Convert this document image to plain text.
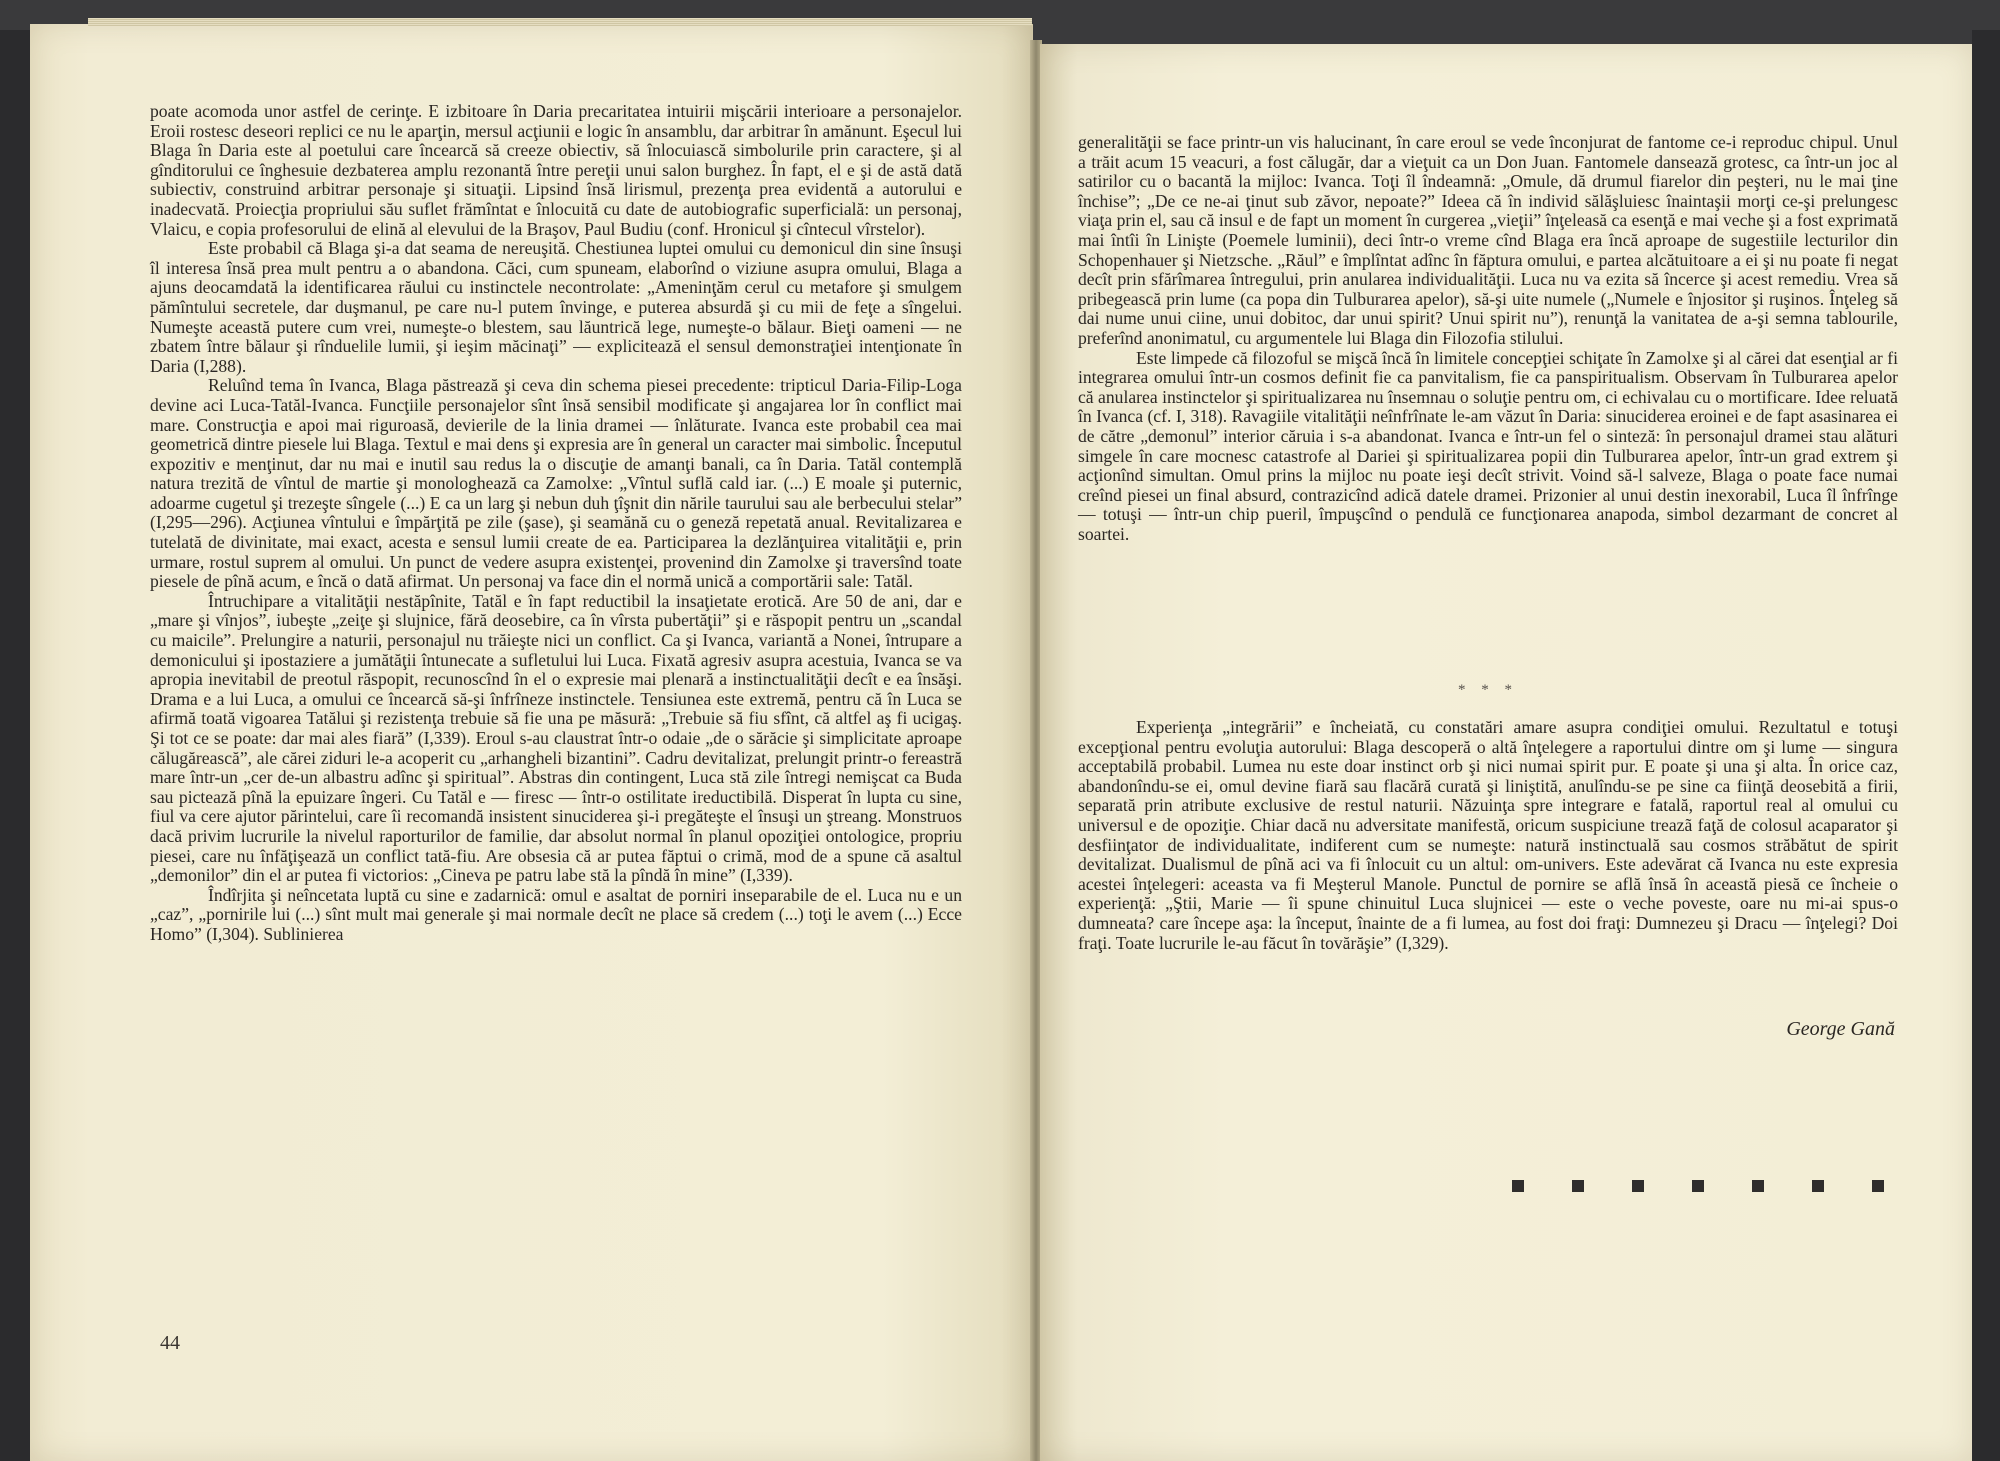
poate acomoda unor astfel de cerinţe. E izbitoare în Daria precaritatea intuirii mişcării interioare a personajelor. Eroii rostesc deseori replici ce nu le aparţin, mersul acţiunii e logic în ansamblu, dar arbitrar în amănunt. Eşecul lui Blaga în Daria este al poetului care încearcă să creeze obiectiv, să înlocuiască simbolurile prin caractere, şi al gînditorului ce înghesuie dezbaterea amplu rezonantă între pereţii unui salon burghez. În fapt, el e şi de astă dată subiectiv, construind arbitrar personaje şi situaţii. Lipsind însă lirismul, prezenţa prea evidentă a autorului e inadecvată. Proiecţia propriului său suflet frămîntat e înlocuită cu date de autobiografic superficială: un personaj, Vlaicu, e copia profesorului de elină al elevului de la Braşov, Paul Budiu (conf. Hronicul şi cîntecul vîrstelor).

Este probabil că Blaga şi-a dat seama de nereuşită. Chestiunea luptei omului cu demonicul din sine însuşi îl interesa însă prea mult pentru a o abandona. Căci, cum spuneam, elaborînd o viziune asupra omului, Blaga a ajuns deocamdată la identificarea răului cu instinctele necontrolate: „Ameninţăm cerul cu metafore şi smulgem pămîntului secretele, dar duşmanul, pe care nu-l putem învinge, e puterea absurdă şi cu mii de feţe a sîngelui. Numeşte această putere cum vrei, numeşte-o blestem, sau lăuntrică lege, numeşte-o bălaur. Bieţi oameni — ne zbatem între bălaur şi rînduelile lumii, şi ieşim măcinaţi” — explicitează el sensul demonstraţiei intenţionate în Daria (I,288).

Reluînd tema în Ivanca, Blaga păstrează şi ceva din schema piesei precedente: tripticul Daria-Filip-Loga devine aci Luca-Tatăl-Ivanca. Funcţiile personajelor sînt însă sensibil modificate şi angajarea lor în conflict mai mare. Construcţia e apoi mai riguroasă, devierile de la linia dramei — înlăturate. Ivanca este probabil cea mai geometrică dintre piesele lui Blaga. Textul e mai dens şi expresia are în general un caracter mai simbolic. Începutul expozitiv e menţinut, dar nu mai e inutil sau redus la o discuţie de amanţi banali, ca în Daria. Tatăl contemplă natura trezită de vîntul de martie şi monologhează ca Zamolxe: „Vîntul suflă cald iar. (...) E moale şi puternic, adoarme cugetul şi trezeşte sîngele (...) E ca un larg şi nebun duh ţîşnit din nările taurului sau ale berbecului stelar” (I,295—296). Acţiunea vîntului e împărţită pe zile (şase), şi seamănă cu o geneză repetată anual. Revitalizarea e tutelată de divinitate, mai exact, acesta e sensul lumii create de ea. Participarea la dezlănţuirea vitalităţii e, prin urmare, rostul suprem al omului. Un punct de vedere asupra existenţei, provenind din Zamolxe şi traversînd toate piesele de pînă acum, e încă o dată afirmat. Un personaj va face din el normă unică a comportării sale: Tatăl.

Întruchipare a vitalităţii nestăpînite, Tatăl e în fapt reductibil la insaţietate erotică. Are 50 de ani, dar e „mare şi vînjos”, iubeşte „zeiţe şi slujnice, fără deosebire, ca în vîrsta pubertăţii” şi e răspopit pentru un „scandal cu maicile”. Prelungire a naturii, personajul nu trăieşte nici un conflict. Ca şi Ivanca, variantă a Nonei, întrupare a demonicului şi ipostaziere a jumătăţii întunecate a sufletului lui Luca. Fixată agresiv asupra acestuia, Ivanca se va apropia inevitabil de preotul răspopit, recunoscînd în el o expresie mai plenară a instinctualităţii decît e ea însăşi. Drama e a lui Luca, a omului ce încearcă să-şi înfrîneze instinctele. Tensiunea este extremă, pentru că în Luca se afirmă toată vigoarea Tatălui şi rezistenţa trebuie să fie una pe măsură: „Trebuie să fiu sfînt, că altfel aş fi ucigaş. Şi tot ce se poate: dar mai ales fiară” (I,339). Eroul s-au claustrat într-o odaie „de o sărăcie şi simplicitate aproape călugărească”, ale cărei ziduri le-a acoperit cu „arhangheli bizantini”. Cadru devitalizat, prelungit printr-o fereastră mare într-un „cer de-un albastru adînc şi spiritual”. Abstras din contingent, Luca stă zile întregi nemişcat ca Buda sau pictează pînă la epuizare îngeri. Cu Tatăl e — firesc — într-o ostilitate ireductibilă. Disperat în lupta cu sine, fiul va cere ajutor părintelui, care îi recomandă insistent sinuciderea şi-i pregăteşte el însuşi un ştreang. Monstruos dacă privim lucrurile la nivelul raporturilor de familie, dar absolut normal în planul opoziţiei ontologice, propriu piesei, care nu înfăţişează un conflict tată-fiu. Are obsesia că ar putea făptui o crimă, mod de a spune că asaltul „demonilor” din el ar putea fi victorios: „Cineva pe patru labe stă la pîndă în mine” (I,339).

Îndîrjita şi neîncetata luptă cu sine e zadarnică: omul e asaltat de porniri inseparabile de el. Luca nu e un „caz”, „pornirile lui (...) sînt mult mai generale şi mai normale decît ne place să credem (...) toţi le avem (...) Ecce Homo” (I,304). Sublinierea

44

generalităţii se face printr-un vis halucinant, în care eroul se vede înconjurat de fantome ce-i reproduc chipul. Unul a trăit acum 15 veacuri, a fost călugăr, dar a vieţuit ca un Don Juan. Fantomele dansează grotesc, ca într-un joc al satirilor cu o bacantă la mijloc: Ivanca. Toţi îl îndeamnă: „Omule, dă drumul fiarelor din peşteri, nu le mai ţine închise”; „De ce ne-ai ţinut sub zăvor, nepoate?” Ideea că în individ sălăşluiesc înaintaşii morţi ce-şi prelungesc viaţa prin el, sau că insul e de fapt un moment în curgerea „vieţii” înţeleasă ca esenţă e mai veche şi a fost exprimată mai întîi în Linişte (Poemele luminii), deci într-o vreme cînd Blaga era încă aproape de sugestiile lecturilor din Schopenhauer şi Nietzsche. „Răul” e împlîntat adînc în făptura omului, e partea alcătuitoare a ei şi nu poate fi negat decît prin sfărîmarea întregului, prin anularea individualităţii. Luca nu va ezita să încerce şi acest remediu. Vrea să pribegească prin lume (ca popa din Tulburarea apelor), să-şi uite numele („Numele e înjositor şi ruşinos. Înţeleg să dai nume unui ciine, unui dobitoc, dar unui spirit? Unui spirit nu”), renunţă la vanitatea de a-şi semna tablourile, preferînd anonimatul, cu argumentele lui Blaga din Filozofia stilului.

Este limpede că filozoful se mişcă încă în limitele concepţiei schiţate în Zamolxe şi al cărei dat esenţial ar fi integrarea omului într-un cosmos definit fie ca panvitalism, fie ca panspiritualism. Observam în Tulburarea apelor că anularea instinctelor şi spiritualizarea nu însemnau o soluţie pentru om, ci echivalau cu o mortificare. Idee reluată în Ivanca (cf. I, 318). Ravagiile vitalităţii neînfrînate le-am văzut în Daria: sinuciderea eroinei e de fapt asasinarea ei de către „demonul” interior căruia i s-a abandonat. Ivanca e într-un fel o sinteză: în personajul dramei stau alături simgele în care mocnesc catastrofe al Dariei şi spiritualizarea popii din Tulburarea apelor, într-un grad extrem şi acţionînd simultan. Omul prins la mijloc nu poate ieşi decît strivit. Voind să-l salveze, Blaga o poate face numai creînd piesei un final absurd, contrazicînd adică datele dramei. Prizonier al unui destin inexorabil, Luca îl înfrînge — totuşi — într-un chip pueril, împuşcînd o pendulă ce funcţionarea anapoda, simbol dezarmant de concret al soartei.

* * *

Experienţa „integrării” e încheiată, cu constatări amare asupra condiţiei omului. Rezultatul e totuşi excepţional pentru evoluţia autorului: Blaga descoperă o altă înţelegere a raportului dintre om şi lume — singura acceptabilă probabil. Lumea nu este doar instinct orb şi nici numai spirit pur. E poate şi una şi alta. În orice caz, abandonîndu-se ei, omul devine fiară sau flacără curată şi liniştită, anulîndu-se pe sine ca fiinţă deosebită a firii, separată prin atribute exclusive de restul naturii. Năzuinţa spre integrare e fatală, raportul real al omului cu universul e de opoziţie. Chiar dacă nu adversitate manifestă, oricum suspiciune treazã faţă de colosul acaparator şi desfiinţator de individualitate, indiferent cum se numeşte: natură instinctuală sau cosmos străbătut de spirit devitalizat. Dualismul de pînă aci va fi înlocuit cu un altul: om-univers. Este adevărat că Ivanca nu este expresia acestei înţelegeri: aceasta va fi Meşterul Manole. Punctul de pornire se află însă în această piesă ce încheie o experienţă: „Ştii, Marie — îi spune chinuitul Luca slujnicei — este o veche poveste, oare nu mi-ai spus-o dumneata? care începe aşa: la început, înainte de a fi lumea, au fost doi fraţi: Dumnezeu şi Dracu — înţelegi? Doi fraţi. Toate lucrurile le-au făcut în tovărăşie” (I,329).

George Gană
